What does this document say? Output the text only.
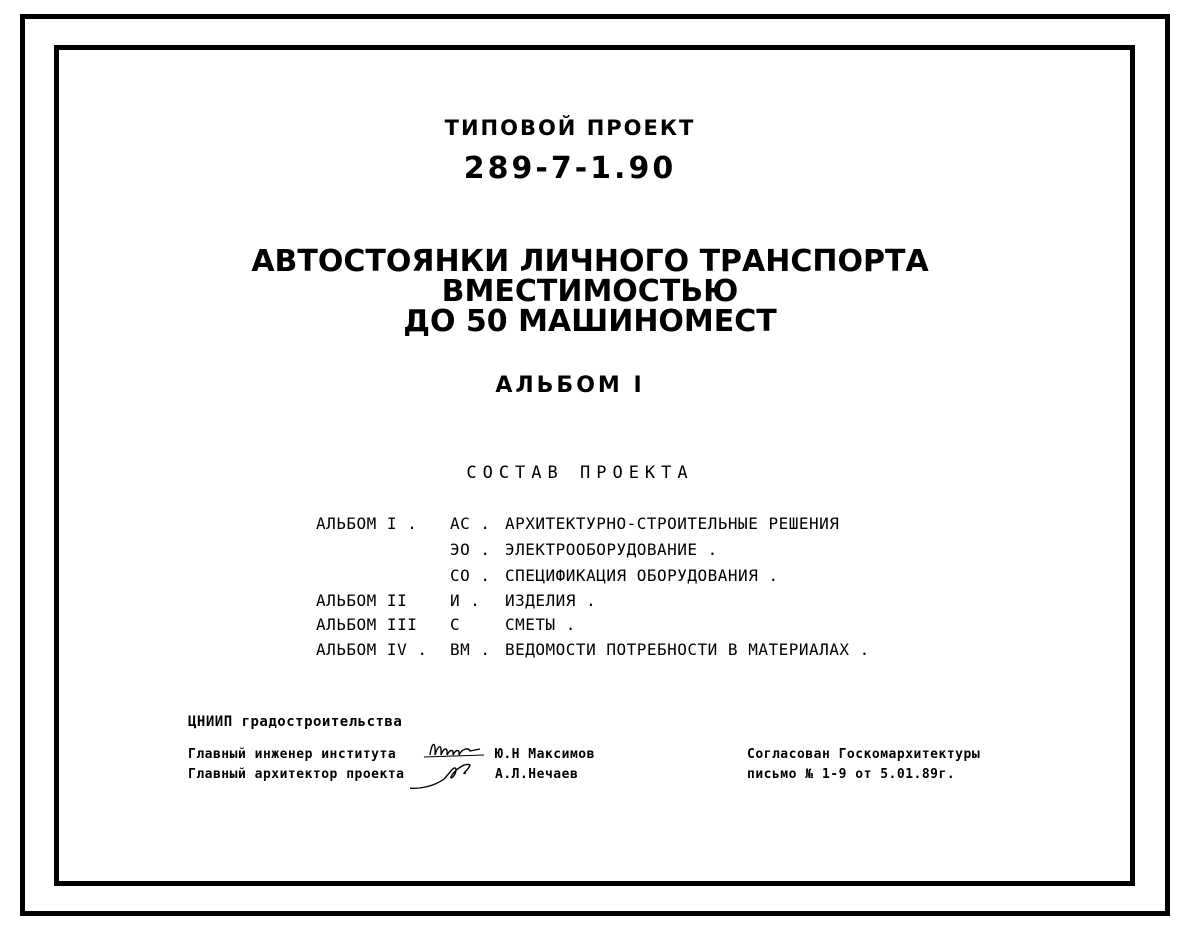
ТИПОВОЙ ПРОЕКТ
289-7-1.90
АВТОСТОЯНКИ ЛИЧНОГО ТРАНСПОРТА
ВМЕСТИМОСТЬЮ
ДО 50 МАШИНОМЕСТ
АЛЬБОМ I
СОСТАВ ПРОЕКТА
АЛЬБОМ I . АС . АРХИТЕКТУРНО-СТРОИТЕЛЬНЫЕ РЕШЕНИЯ
ЭО . ЭЛЕКТРООБОРУДОВАНИЕ .
СО . СПЕЦИФИКАЦИЯ ОБОРУДОВАНИЯ .
АЛЬБОМ II	И . ИЗДЕЛИЯ .
АЛЬБОМ III С	СМЕТЫ .
АЛЬБОМ IV . ВМ . ВЕДОМОСТИ ПОТРЕБНОСТИ В МАТЕРИАЛАХ .
ЦНИИП градостроительства
Главный инженер института
Главный архитектор проекта
Ю.Н Максимов
А.Л.Нечаев
Согласован Госкомархитектуры
письмо № 1-9 от 5.01.89г.
